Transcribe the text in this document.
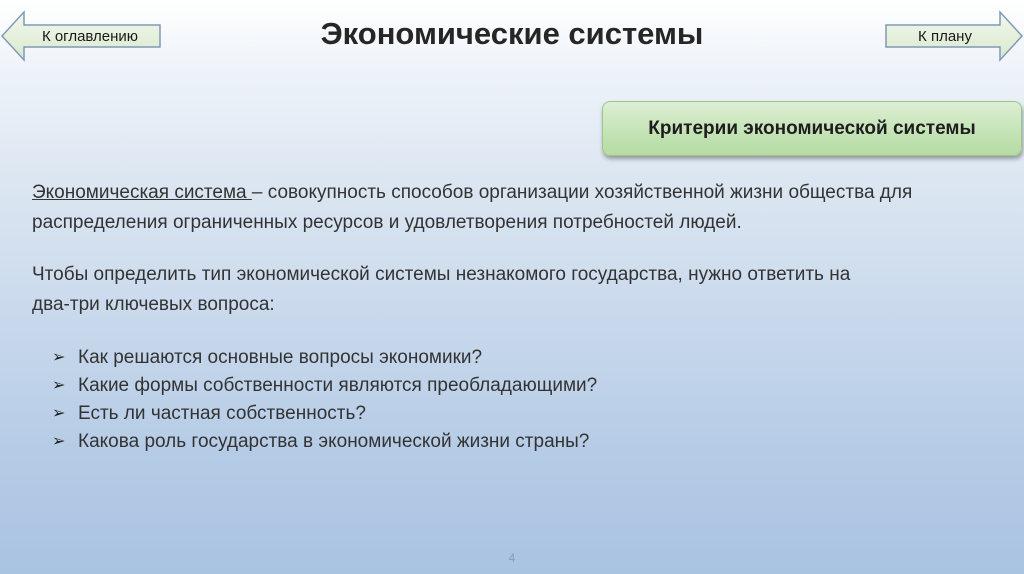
Экономические системы
К оглавлению	К плану
Критерии экономической системы

Экономическая система – совокупность способов организации хозяйственной жизни общества для распределения ограниченных ресурсов и удовлетворения потребностей людей.

Чтобы определить тип экономической системы незнакомого государства, нужно ответить на два-три ключевых вопроса:

➢ Как решаются основные вопросы экономики?
➢ Какие формы собственности являются преобладающими?
➢ Есть ли частная собственность?
➢ Какова роль государства в экономической жизни страны?
4
